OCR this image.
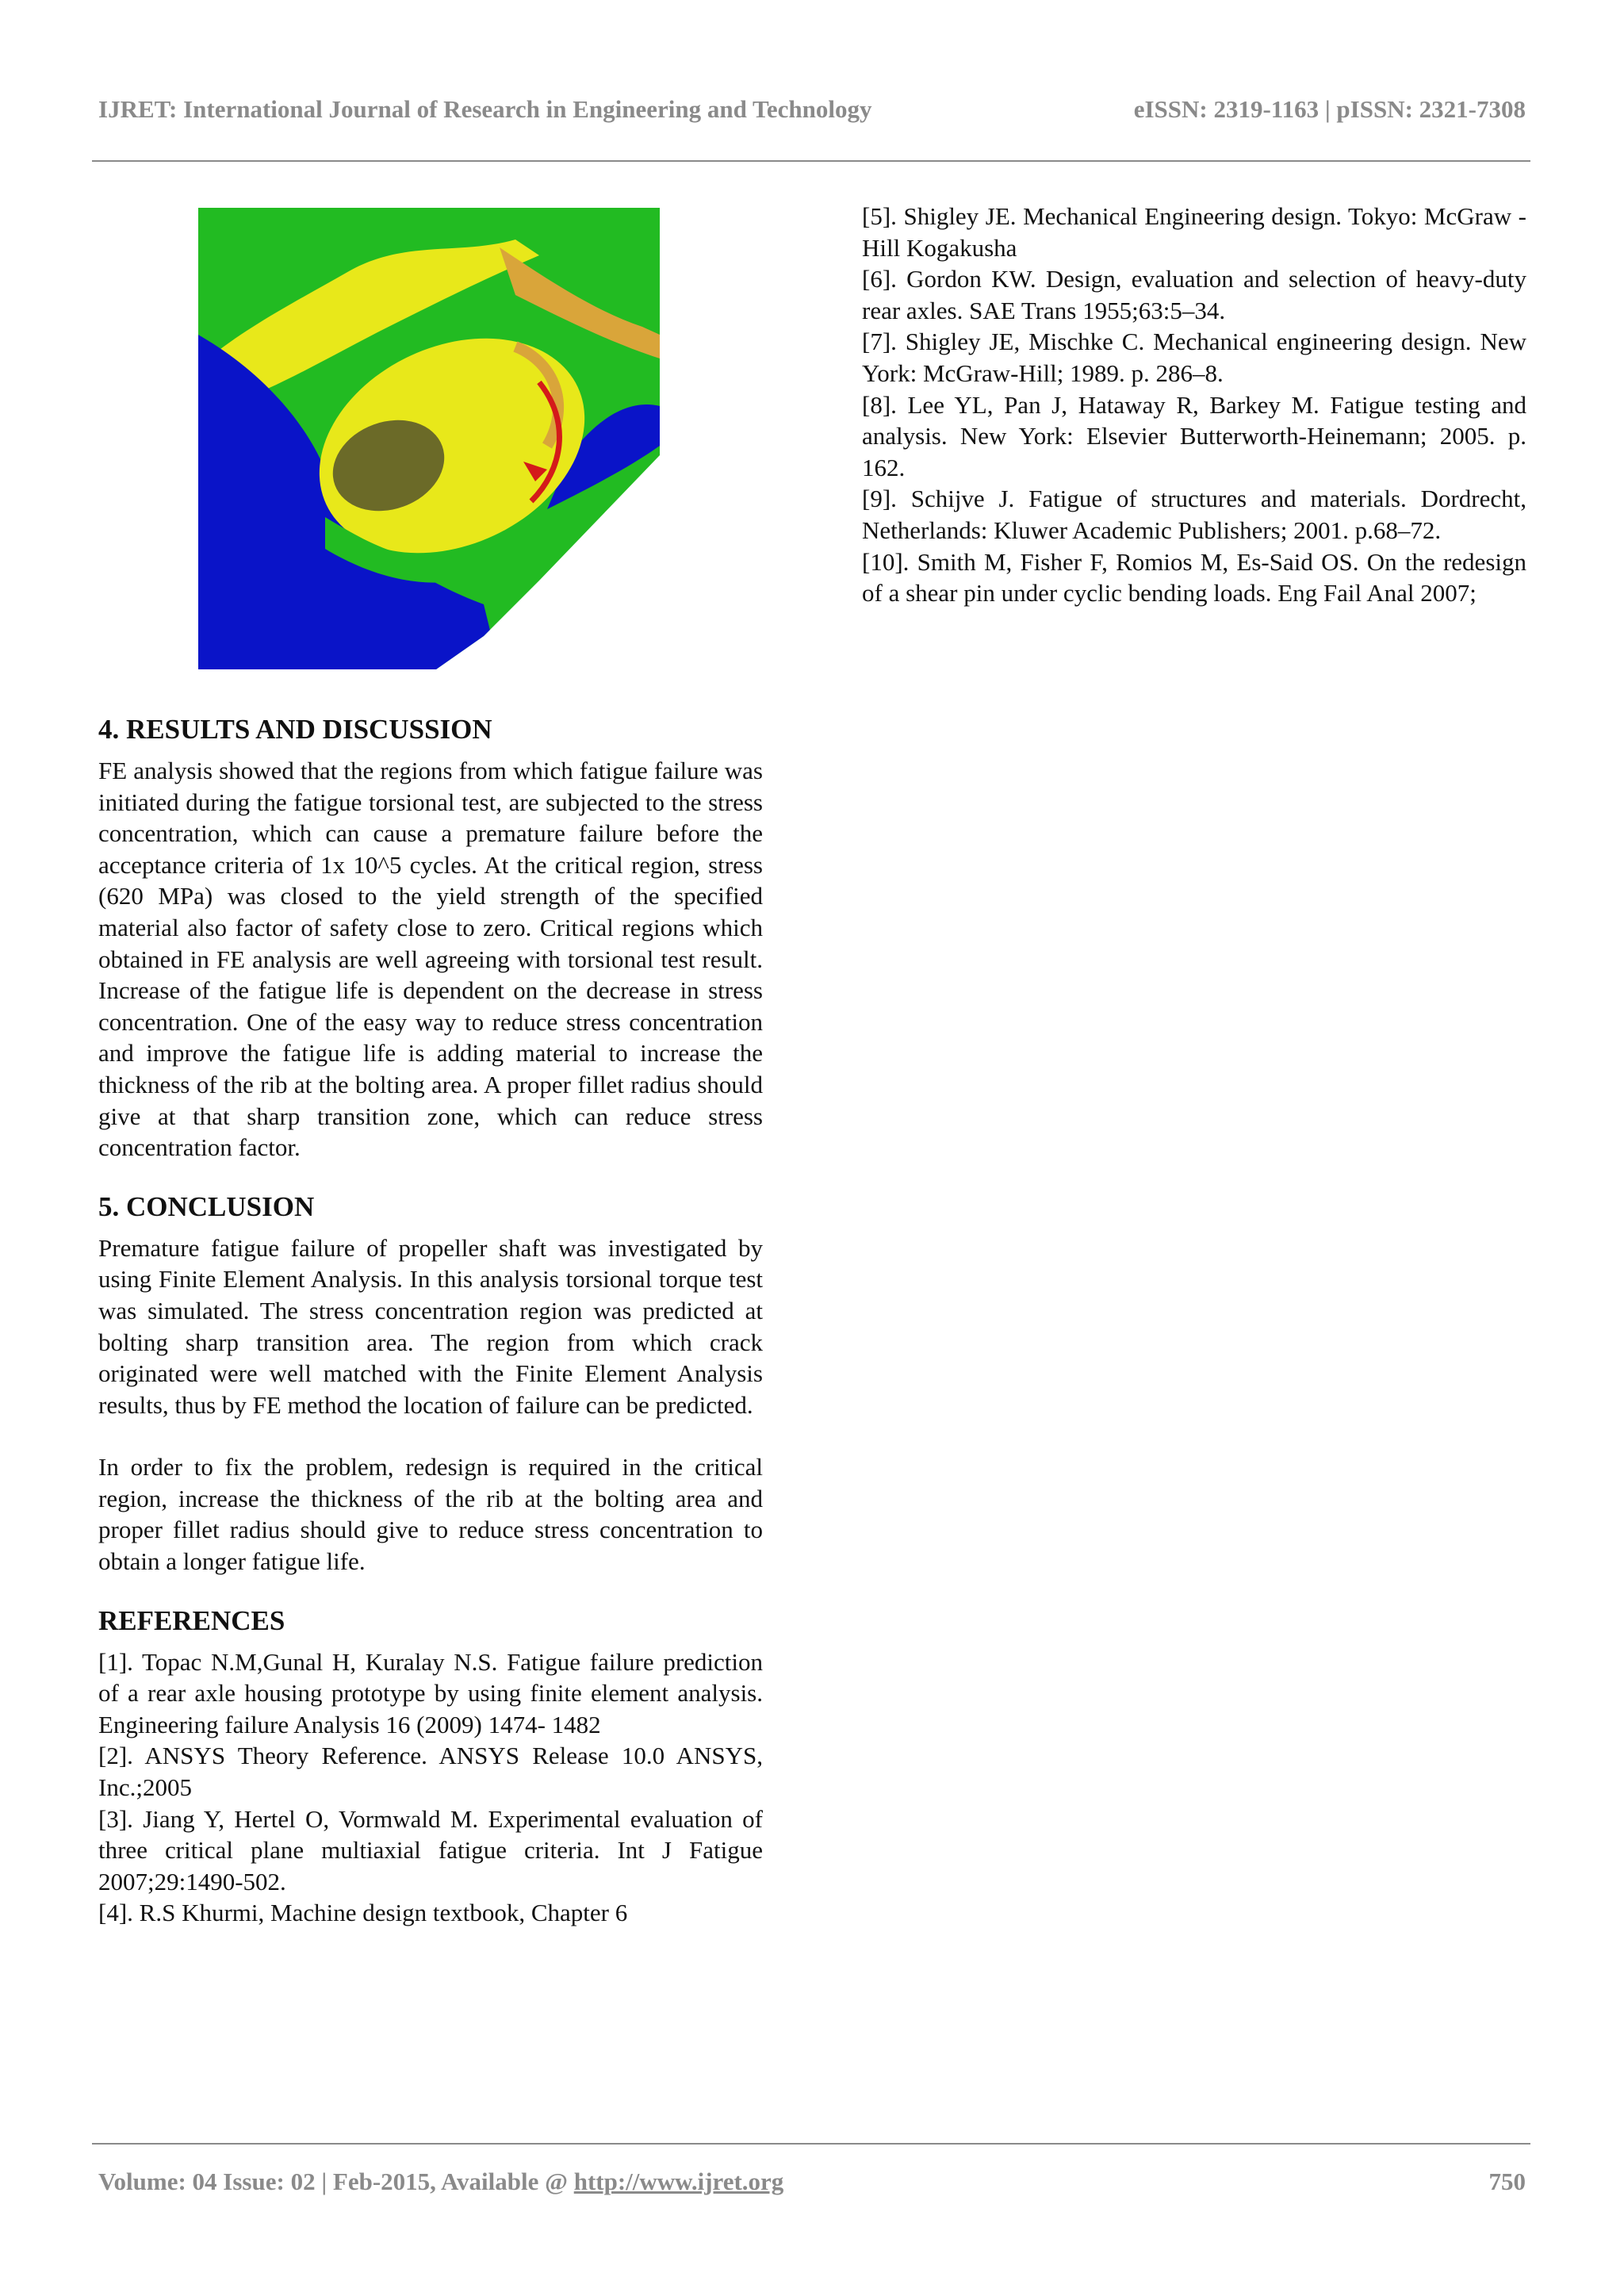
IJRET: International Journal of Research in Engineering and Technology	eISSN: 2319-1163 | pISSN: 2321-7308
4. RESULTS AND DISCUSSION

FE analysis showed that the regions from which fatigue failure was initiated during the fatigue torsional test, are subjected to the stress concentration, which can cause a premature failure before the acceptance criteria of 1x 10^5 cycles. At the critical region, stress (620 MPa) was closed to the yield strength of the specified material also factor of safety close to zero. Critical regions which obtained in FE analysis are well agreeing with torsional test result. Increase of the fatigue life is dependent on the decrease in stress concentration. One of the easy way to reduce stress concentration and improve the fatigue life is adding material to increase the thickness of the rib at the bolting area. A proper fillet radius should give at that sharp transition zone, which can reduce stress concentration factor.

5. CONCLUSION

Premature fatigue failure of propeller shaft was investigated by using Finite Element Analysis. In this analysis torsional torque test was simulated. The stress concentration region was predicted at bolting sharp transition area. The region from which crack originated were well matched with the Finite Element Analysis results, thus by FE method the location of failure can be predicted.

In order to fix the problem, redesign is required in the critical region, increase the thickness of the rib at the bolting area and proper fillet radius should give to reduce stress concentration to obtain a longer fatigue life.

REFERENCES

[1]. Topac N.M,Gunal H, Kuralay N.S. Fatigue failure prediction of a rear axle housing prototype by using finite element analysis. Engineering failure Analysis 16 (2009) 1474- 1482

[2]. ANSYS Theory Reference. ANSYS Release 10.0 ANSYS, Inc.;2005

[3]. Jiang Y, Hertel O, Vormwald M. Experimental evaluation of three critical plane multiaxial fatigue criteria. Int J Fatigue 2007;29:1490-502.

[4]. R.S Khurmi, Machine design textbook, Chapter 6

[5]. Shigley JE. Mechanical Engineering design. Tokyo: McGraw -Hill Kogakusha

[6]. Gordon KW. Design, evaluation and selection of heavy-duty rear axles. SAE Trans 1955;63:5–34.

[7]. Shigley JE, Mischke C. Mechanical engineering design. New York: McGraw-Hill; 1989. p. 286–8.

[8]. Lee YL, Pan J, Hataway R, Barkey M. Fatigue testing and analysis. New York: Elsevier Butterworth-Heinemann; 2005. p. 162.

[9]. Schijve J. Fatigue of structures and materials. Dordrecht, Netherlands: Kluwer Academic Publishers; 2001. p.68–72.

[10]. Smith M, Fisher F, Romios M, Es-Said OS. On the redesign of a shear pin under cyclic bending loads. Eng Fail Anal 2007;

Volume: 04 Issue: 02 | Feb-2015, Available @ http://www.ijret.org	750
